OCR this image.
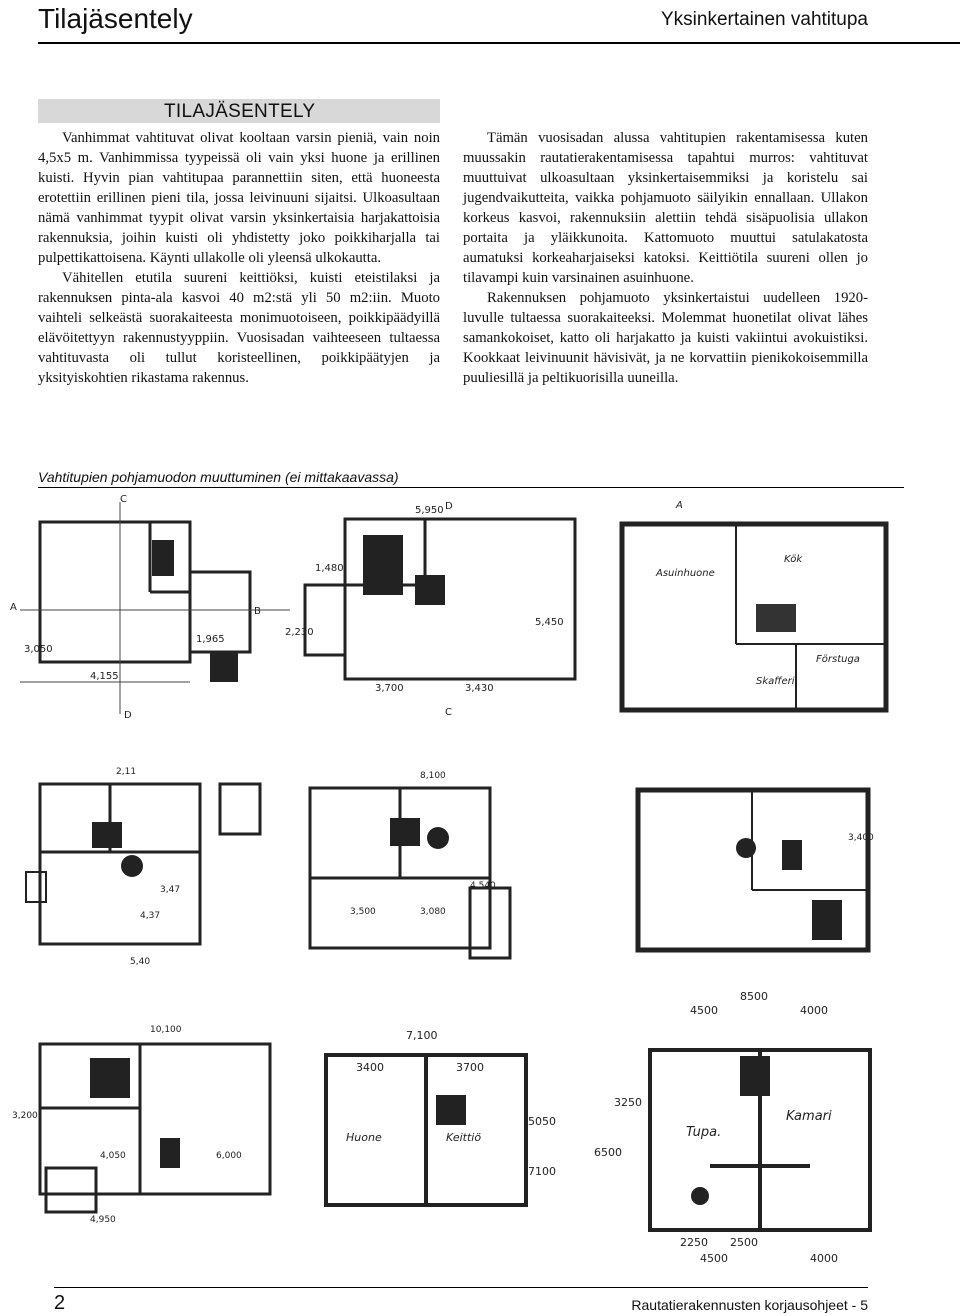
Tilajäsentely	Yksinkertainen vahtitupa
TILAJÄSENTELY

Vanhimmat vahtituvat olivat kooltaan varsin pieniä, vain noin 4,5x5 m. Vanhimmissa tyypeissä oli vain yksi huone ja erillinen kuisti. Hyvin pian vahtitupaa parannettiin siten, että huoneesta erotettiin erillinen pieni tila, jossa leivinuuni sijaitsi. Ulkoasultaan nämä vanhimmat tyypit olivat varsin yksinkertaisia harjakattoisia rakennuksia, joihin kuisti oli yhdistetty joko poikkiharjalla tai pulpettikattoisena. Käynti ullakolle oli yleensä ulkokautta.

Vähitellen etutila suureni keittiöksi, kuisti eteistilaksi ja rakennuksen pinta-ala kasvoi 40 m2:stä yli 50 m2:iin. Muoto vaihteli selkeästä suorakaiteesta monimuotoiseen, poikkipäädyillä elävöitettyyn rakennustyyppiin. Vuosisadan vaihteeseen tultaessa vahtituvasta oli tullut koristeellinen, poikkipäätyjen ja yksityiskohtien rikastama rakennus.

Tämän vuosisadan alussa vahtitupien rakentamisessa kuten muussakin rautatierakentamisessa tapahtui murros: vahtituvat muuttuivat ulkoasultaan yksinkertaisemmiksi ja koristelu sai jugendvaikutteita, vaikka pohjamuoto säilyikin ennallaan. Ullakon korkeus kasvoi, rakennuksiin alettiin tehdä sisäpuolisia ullakon portaita ja yläikkunoita. Kattomuoto muuttui satulakatosta aumatuksi korkeaharjaiseksi katoksi. Keittiötila suureni ollen jo tilavampi kuin varsinainen asuinhuone.

Rakennuksen pohjamuoto yksinkertaistui uudelleen 1920-luvulle tultaessa suorakaiteeksi. Molemmat huonetilat olivat lähes samankokoiset, katto oli harjakatto ja kuisti vakiintui avokuistiksi. Kookkaat leivinuunit hävisivät, ja ne korvattiin pienikokoisemmilla puuliesillä ja peltikuorisilla uuneilla.

Vahtitupien pohjamuodon muuttuminen (ei mittakaavassa)
C
A	B
D
4,155
3,050
1,965
D
5,950
1,480
3,700	3,430
5,450
2,230
C
A
Asuinhuone
Kök
Förstuga
Skafferi
2,11
3,47
4,37
5,40
8,100
4,540
3,500	3,080
3,400
10,100
4,050	6,000
4,950
3,200
7,100
3400	3700
5050
7100
Huone	Keittiö
8500
4500	4000
6500
3250
Tupa.
Kamari
2250 2500
4500	4000
2	Rautatierakennusten korjausohjeet - 5
